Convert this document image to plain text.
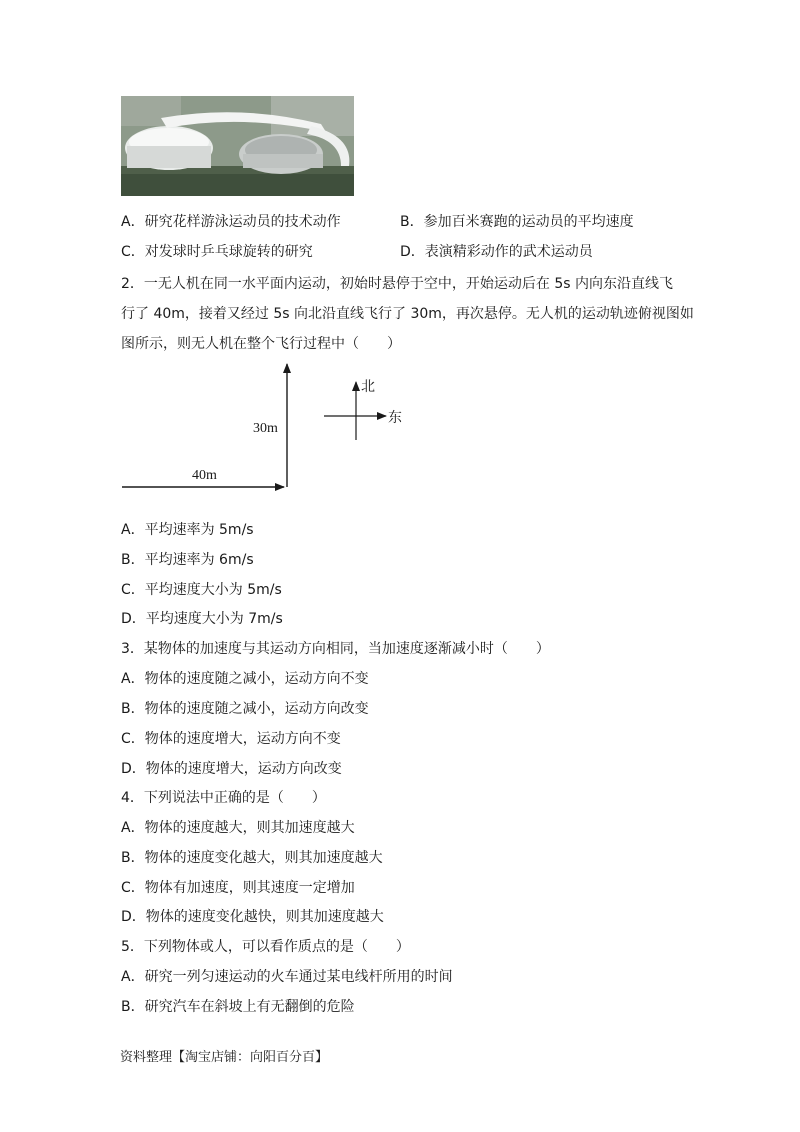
A．研究花样游泳运动员的技术动作	B．参加百米赛跑的运动员的平均速度
C．对发球时乒乓球旋转的研究	D．表演精彩动作的武术运动员
2．一无人机在同一水平面内运动，初始时悬停于空中，开始运动后在 5s 内向东沿直线飞
行了 40m，接着又经过 5s 向北沿直线飞行了 30m，再次悬停。无人机的运动轨迹俯视图如
图所示，则无人机在整个飞行过程中（　　）
40m
30m
北
东
A．平均速率为 5m/s
B．平均速率为 6m/s
C．平均速度大小为 5m/s
D．平均速度大小为 7m/s
3．某物体的加速度与其运动方向相同，当加速度逐渐减小时（　　）
A．物体的速度随之减小，运动方向不变
B．物体的速度随之减小，运动方向改变
C．物体的速度增大，运动方向不变
D．物体的速度增大，运动方向改变
4．下列说法中正确的是（　　）
A．物体的速度越大，则其加速度越大
B．物体的速度变化越大，则其加速度越大
C．物体有加速度，则其速度一定增加
D．物体的速度变化越快，则其加速度越大
5．下列物体或人，可以看作质点的是（　　）
A．研究一列匀速运动的火车通过某电线杆所用的时间
B．研究汽车在斜坡上有无翻倒的危险
资料整理【淘宝店铺：向阳百分百】
